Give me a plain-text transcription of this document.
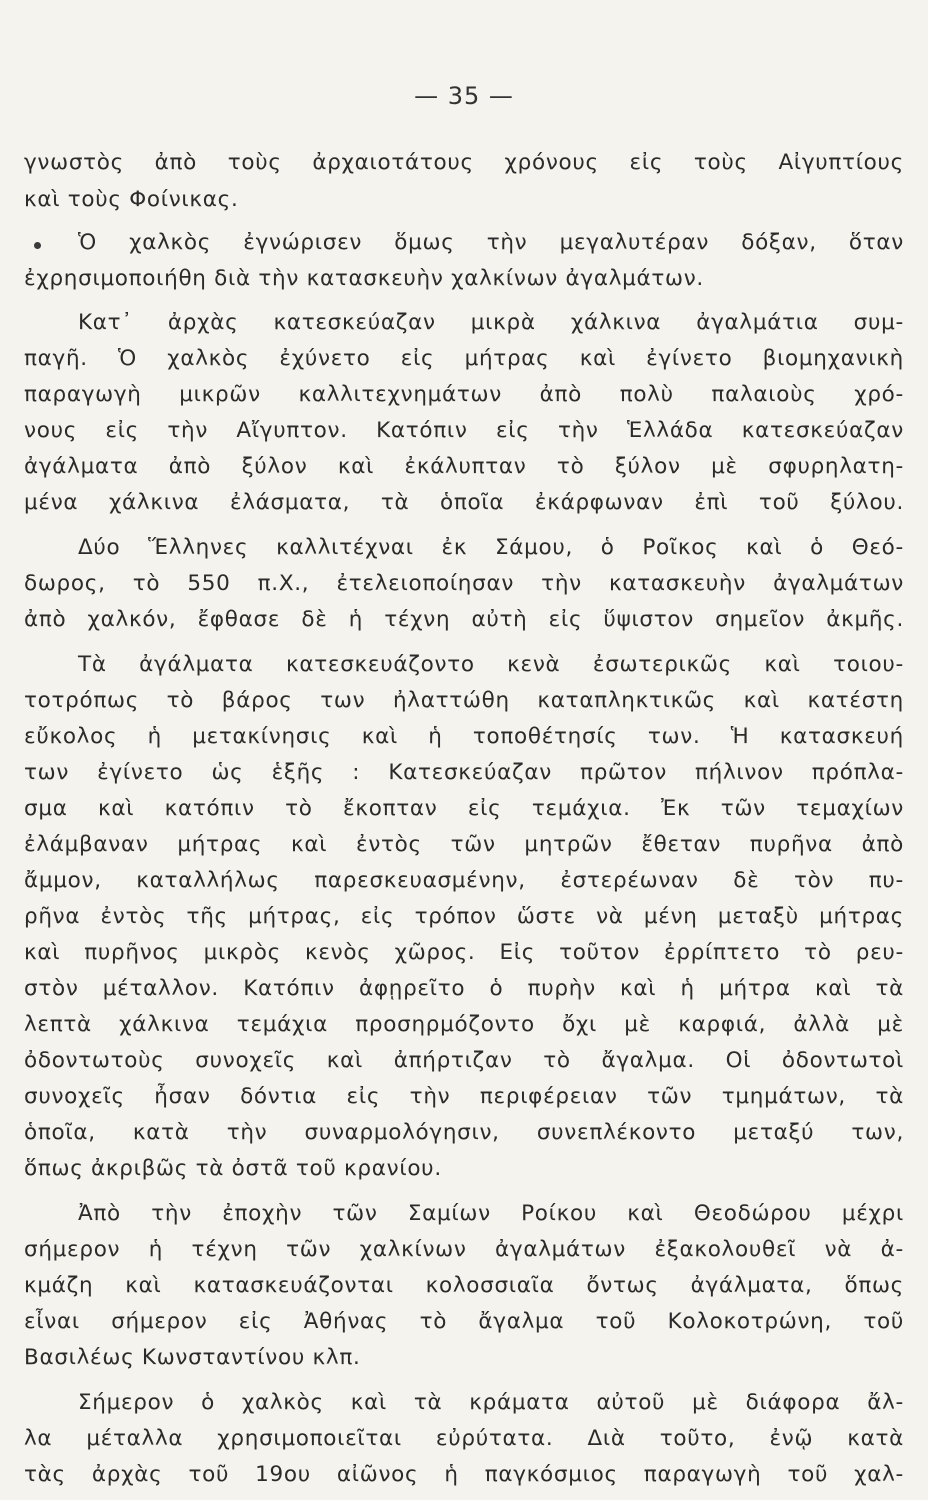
— 35 —
γνωστὸς ἀπὸ τοὺς ἀρχαιοτάτους χρόνους εἰς τοὺς Αἰγυπτίους
καὶ τοὺς Φοίνικας.
Ὁ χαλκὸς ἐγνώρισεν ὅμως τὴν μεγαλυτέραν δόξαν, ὅταν
ἐχρησιμοποιήθη διὰ τὴν κατασκευὴν χαλκίνων ἀγαλμάτων.
Κατ᾽ ἀρχὰς κατεσκεύαζαν μικρὰ χάλκινα ἀγαλμάτια συμ-
παγῆ. Ὁ χαλκὸς ἐχύνετο εἰς μήτρας καὶ ἐγίνετο βιομηχανικὴ
παραγωγὴ μικρῶν καλλιτεχνημάτων ἀπὸ πολὺ παλαιοὺς χρό-
νους εἰς τὴν Αἴγυπτον. Κατόπιν εἰς τὴν Ἑλλάδα κατεσκεύαζαν
ἀγάλματα ἀπὸ ξύλον καὶ ἐκάλυπταν τὸ ξύλον μὲ σφυρηλατη-
μένα χάλκινα ἐλάσματα, τὰ ὁποῖα ἐκάρφωναν ἐπὶ τοῦ ξύλου.
Δύο Ἕλληνες καλλιτέχναι ἐκ Σάμου, ὁ Ροῖκος καὶ ὁ Θεό-
δωρος, τὸ 550 π.Χ., ἐτελειοποίησαν τὴν κατασκευὴν ἀγαλμάτων
ἀπὸ χαλκόν, ἔφθασε δὲ ἡ τέχνη αὐτὴ εἰς ὕψιστον σημεῖον ἀκμῆς.
Τὰ ἀγάλματα κατεσκευάζοντο κενὰ ἐσωτερικῶς καὶ τοιου-
τοτρόπως τὸ βάρος των ἠλαττώθη καταπληκτικῶς καὶ κατέστη
εὔκολος ἡ μετακίνησις καὶ ἡ τοποθέτησίς των. Ἡ κατασκευή
των ἐγίνετο ὡς ἑξῆς : Κατεσκεύαζαν πρῶτον πήλινον πρόπλα-
σμα καὶ κατόπιν τὸ ἔκοπταν εἰς τεμάχια. Ἐκ τῶν τεμαχίων
ἐλάμβαναν μήτρας καὶ ἐντὸς τῶν μητρῶν ἔθεταν πυρῆνα ἀπὸ
ἄμμον, καταλλήλως παρεσκευασμένην, ἐστερέωναν δὲ τὸν πυ-
ρῆνα ἐντὸς τῆς μήτρας, εἰς τρόπον ὥστε νὰ μένη μεταξὺ μήτρας
καὶ πυρῆνος μικρὸς κενὸς χῶρος. Εἰς τοῦτον ἐρρίπτετο τὸ ρευ-
στὸν μέταλλον. Κατόπιν ἀφῃρεῖτο ὁ πυρὴν καὶ ἡ μήτρα καὶ τὰ
λεπτὰ χάλκινα τεμάχια προσηρμόζοντο ὄχι μὲ καρφιά, ἀλλὰ μὲ
ὀδοντωτοὺς συνοχεῖς καὶ ἀπήρτιζαν τὸ ἄγαλμα. Οἱ ὀδοντωτοὶ
συνοχεῖς ἦσαν δόντια εἰς τὴν περιφέρειαν τῶν τμημάτων, τὰ
ὁποῖα, κατὰ τὴν συναρμολόγησιν, συνεπλέκοντο μεταξύ των,
ὅπως ἀκριβῶς τὰ ὀστᾶ τοῦ κρανίου.
Ἀπὸ τὴν ἐποχὴν τῶν Σαμίων Ροίκου καὶ Θεοδώρου μέχρι
σήμερον ἡ τέχνη τῶν χαλκίνων ἀγαλμάτων ἐξακολουθεῖ νὰ ἀ-
κμάζη καὶ κατασκευάζονται κολοσσιαῖα ὄντως ἀγάλματα, ὅπως
εἶναι σήμερον εἰς Ἀθήνας τὸ ἄγαλμα τοῦ Κολοκοτρώνη, τοῦ
Βασιλέως Κωνσταντίνου κλπ.
Σήμερον ὁ χαλκὸς καὶ τὰ κράματα αὐτοῦ μὲ διάφορα ἄλ-
λα μέταλλα χρησιμοποιεῖται εὐρύτατα. Διὰ τοῦτο, ἐνῷ κατὰ
τὰς ἀρχὰς τοῦ 19ου αἰῶνος ἡ παγκόσμιος παραγωγὴ τοῦ χαλ-
